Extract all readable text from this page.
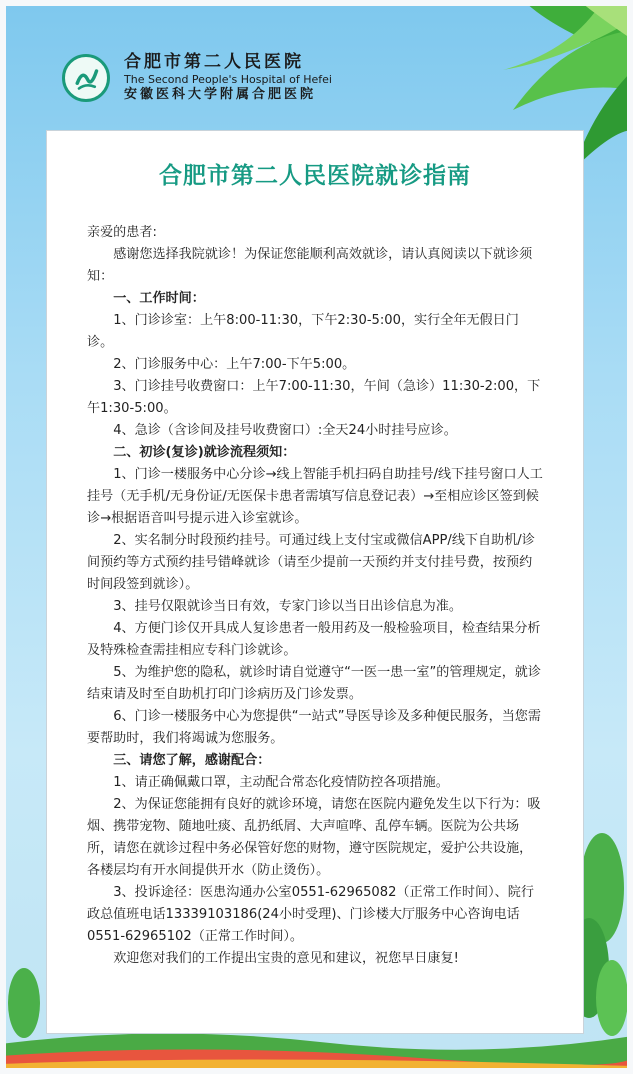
合肥市第二人民医院
The Second People's Hospital of Hefei
安徽医科大学附属合肥医院
合肥市第二人民医院就诊指南

亲爱的患者:

感谢您选择我院就诊！为保证您能顺利高效就诊，请认真阅读以下就诊须知：

一、工作时间：

1、门诊诊室：上午8:00-11:30，下午2:30-5:00，实行全年无假日门诊。

2、门诊服务中心：上午7:00-下午5:00。

3、门诊挂号收费窗口：上午7:00-11:30，午间（急诊）11:30-2:00，下午1:30-5:00。

4、急诊（含诊间及挂号收费窗口）:全天24小时挂号应诊。

二、初诊(复诊)就诊流程须知：

1、门诊一楼服务中心分诊→线上智能手机扫码自助挂号/线下挂号窗口人工挂号（无手机/无身份证/无医保卡患者需填写信息登记表）→至相应诊区签到候诊→根据语音叫号提示进入诊室就诊。

2、实名制分时段预约挂号。可通过线上支付宝或微信APP/线下自助机/诊间预约等方式预约挂号错峰就诊（请至少提前一天预约并支付挂号费，按预约时间段签到就诊）。

3、挂号仅限就诊当日有效，专家门诊以当日出诊信息为准。

4、方便门诊仅开具成人复诊患者一般用药及一般检验项目，检查结果分析及特殊检查需挂相应专科门诊就诊。

5、为维护您的隐私，就诊时请自觉遵守“一医一患一室”的管理规定，就诊结束请及时至自助机打印门诊病历及门诊发票。

6、门诊一楼服务中心为您提供“一站式”导医导诊及多种便民服务，当您需要帮助时，我们将竭诚为您服务。

三、请您了解，感谢配合：

1、请正确佩戴口罩，主动配合常态化疫情防控各项措施。

2、为保证您能拥有良好的就诊环境，请您在医院内避免发生以下行为：吸烟、携带宠物、随地吐痰、乱扔纸屑、大声喧哗、乱停车辆。医院为公共场所，请您在就诊过程中务必保管好您的财物，遵守医院规定，爱护公共设施，各楼层均有开水间提供开水（防止烫伤）。

3、投诉途径：医患沟通办公室0551-62965082（正常工作时间）、院行政总值班电话13339103186(24小时受理)、门诊楼大厅服务中心咨询电话0551-62965102（正常工作时间）。

欢迎您对我们的工作提出宝贵的意见和建议，祝您早日康复!
